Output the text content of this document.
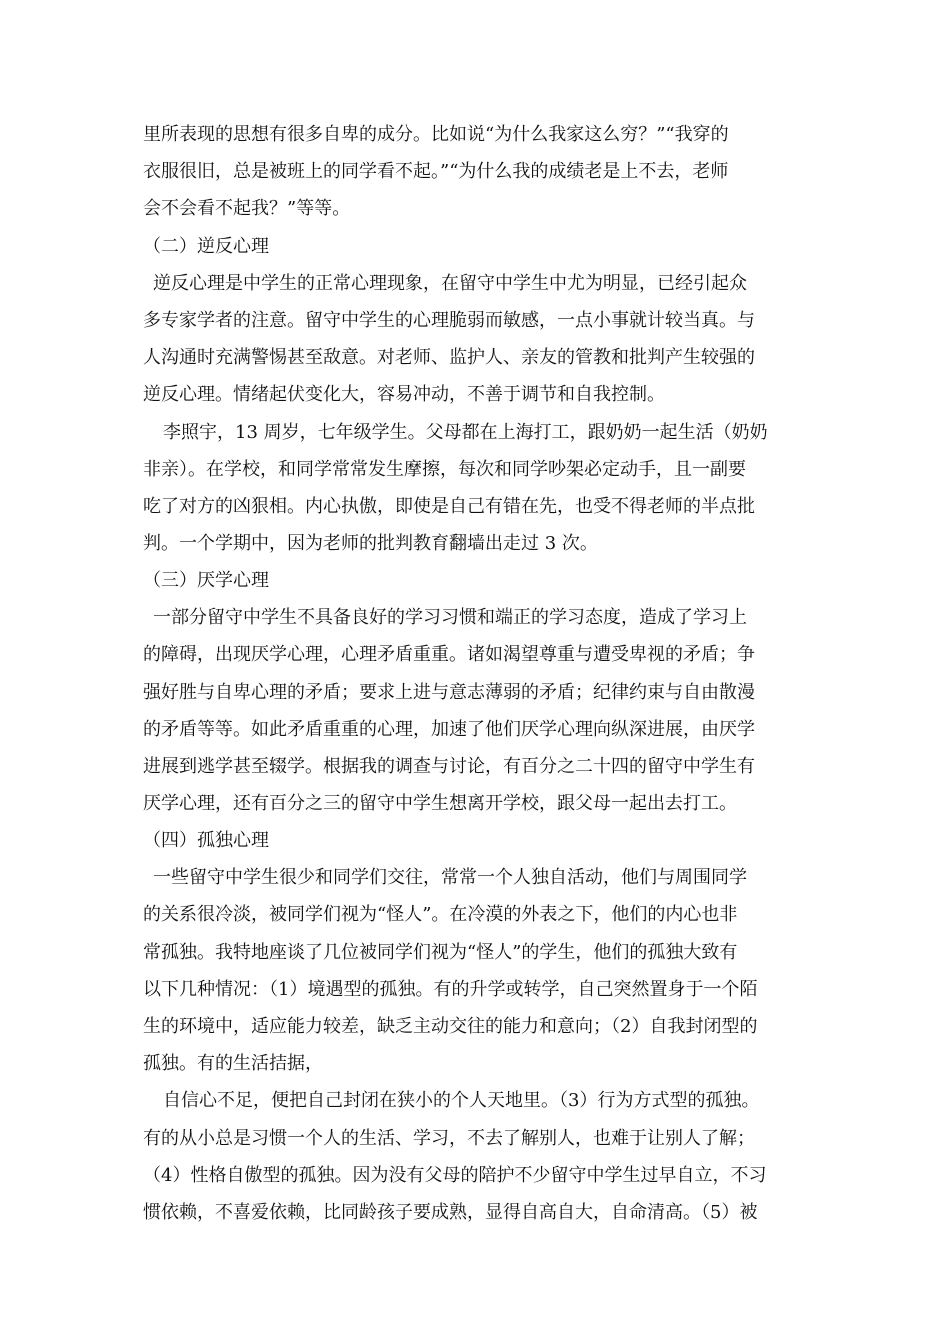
里所表现的思想有很多自卑的成分。比如说“为什么我家这么穷？”“我穿的
衣服很旧，总是被班上的同学看不起。”“为什么我的成绩老是上不去，老师
会不会看不起我？”等等。
（二）逆反心理
逆反心理是中学生的正常心理现象，在留守中学生中尤为明显，已经引起众
多专家学者的注意。留守中学生的心理脆弱而敏感，一点小事就计较当真。与
人沟通时充满警惕甚至敌意。对老师、监护人、亲友的管教和批判产生较强的
逆反心理。情绪起伏变化大，容易冲动，不善于调节和自我控制。
李照宇，13 周岁，七年级学生。父母都在上海打工，跟奶奶一起生活（奶奶
非亲）。在学校，和同学常常发生摩擦，每次和同学吵架必定动手，且一副要
吃了对方的凶狠相。内心执傲，即使是自己有错在先，也受不得老师的半点批
判。一个学期中，因为老师的批判教育翻墙出走过 3 次。
（三）厌学心理
一部分留守中学生不具备良好的学习习惯和端正的学习态度，造成了学习上
的障碍，出现厌学心理，心理矛盾重重。诸如渴望尊重与遭受卑视的矛盾；争
强好胜与自卑心理的矛盾；要求上进与意志薄弱的矛盾；纪律约束与自由散漫
的矛盾等等。如此矛盾重重的心理，加速了他们厌学心理向纵深进展，由厌学
进展到逃学甚至辍学。根据我的调查与讨论，有百分之二十四的留守中学生有
厌学心理，还有百分之三的留守中学生想离开学校，跟父母一起出去打工。
（四）孤独心理
一些留守中学生很少和同学们交往，常常一个人独自活动，他们与周围同学
的关系很冷淡，被同学们视为“怪人”。在冷漠的外表之下，他们的内心也非
常孤独。我特地座谈了几位被同学们视为“怪人”的学生，他们的孤独大致有
以下几种情况：（1）境遇型的孤独。有的升学或转学，自己突然置身于一个陌
生的环境中，适应能力较差，缺乏主动交往的能力和意向；（2）自我封闭型的
孤独。有的生活拮据，
自信心不足，便把自己封闭在狭小的个人天地里。（3）行为方式型的孤独。
有的从小总是习惯一个人的生活、学习，不去了解别人，也难于让别人了解；
（4）性格自傲型的孤独。因为没有父母的陪护不少留守中学生过早自立，不习
惯依赖，不喜爱依赖，比同龄孩子要成熟，显得自高自大，自命清高。（5）被
